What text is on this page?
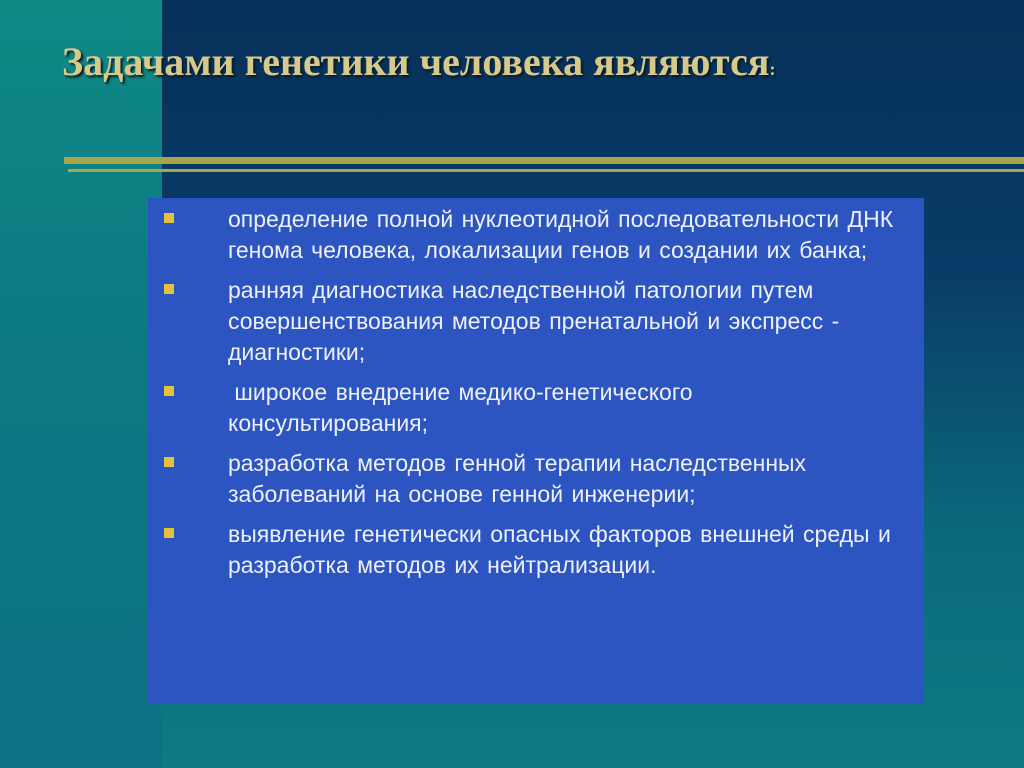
Задачами генетики человека являются:
определение полной нуклеотидной последовательности ДНК генома человека, локализации генов и создании их банка;
ранняя диагностика наследственной патологии путем совершенствования методов пренатальной и экспресс - диагностики;
широкое внедрение медико-генетического консультирования;
разработка методов генной терапии наследственных заболеваний на основе генной инженерии;
выявление генетически опасных факторов внешней среды и разработка методов их нейтрализации.
